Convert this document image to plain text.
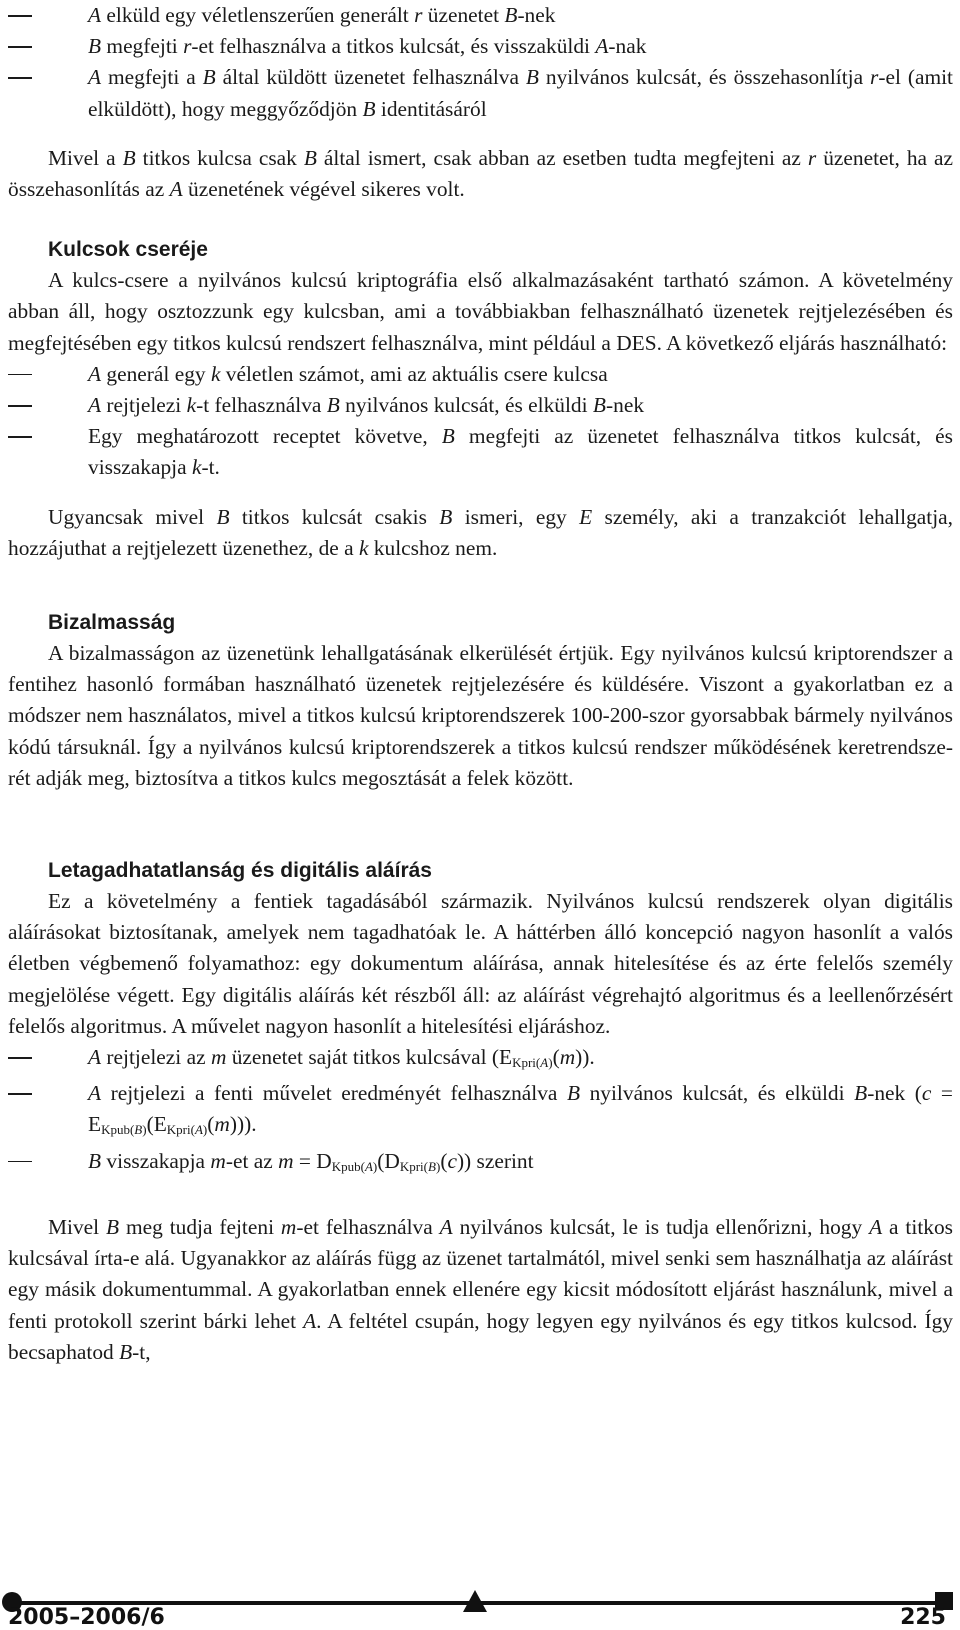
A elküld egy véletlenszerűen generált r üzenetet B-nek
B megfejti r-et felhasználva a titkos kulcsát, és visszaküldi A-nak
A megfejti a B által küldött üzenetet felhasználva B nyilvános kulcsát, és összehasonlítja r-el (amit elküldött), hogy meggyőződjön B identitásáról

Mivel a B titkos kulcsa csak B által ismert, csak abban az esetben tudta megfejteni az r üzenetet, ha az összehasonlítás az A üzenetének végével sikeres volt.

Kulcsok cseréje

A kulcs-csere a nyilvános kulcsú kriptográfia első alkalmazásaként tartható számon. A követelmény abban áll, hogy osztozzunk egy kulcsban, ami a továbbiakban felhasználható üzenetek rejtjelezésében és megfejtésében egy titkos kulcsú rendszert felhasználva, mint például a DES. A következő eljárás használható:

A generál egy k véletlen számot, ami az aktuális csere kulcsa
A rejtjelezi k-t felhasználva B nyilvános kulcsát, és elküldi B-nek
Egy meghatározott receptet követve, B megfejti az üzenetet felhasználva titkos kulcsát, és visszakapja k-t.

Ugyancsak mivel B titkos kulcsát csakis B ismeri, egy E személy, aki a tranzakciót lehallgatja, hozzájuthat a rejtjelezett üzenethez, de a k kulcshoz nem.

Bizalmasság

A bizalmasságon az üzenetünk lehallgatásának elkerülését értjük. Egy nyilvános kulcsú kriptorendszer a fentihez hasonló formában használható üzenetek rejtjelezésére és küldésére. Viszont a gyakorlatban ez a módszer nem használatos, mivel a titkos kulcsú kriptorendszerek 100-200-szor gyorsabbak bármely nyilvános kódú társuknál. Így a nyilvános kulcsú kriptorendszerek a titkos kulcsú rendszer működésének keretrendszerét adják meg, biztosítva a titkos kulcs megosztását a felek között.

Letagadhatatlanság és digitális aláírás

Ez a követelmény a fentiek tagadásából származik. Nyilvános kulcsú rendszerek olyan digitális aláírásokat biztosítanak, amelyek nem tagadhatóak le. A háttérben álló koncepció nagyon hasonlít a valós életben végbemenő folyamathoz: egy dokumentum aláírása, annak hitelesítése és az érte felelős személy megjelölése végett. Egy digitális aláírás két részből áll: az aláírást végrehajtó algoritmus és a leellenőrzésért felelős algoritmus. A művelet nagyon hasonlít a hitelesítési eljáráshoz.

A rejtjelezi az m üzenetet saját titkos kulcsával $(E_{Kpri(A)}(m))$.
A rejtjelezi a fenti művelet eredményét felhasználva B nyilvános kulcsát, és elküldi B-nek $(c = E_{Kpub(B)}(E_{Kpri(A)}(m)))$.
B visszakapja m-et az $m = D_{Kpub(A)}(D_{Kpri(B)}(c))$ szerint

Mivel B meg tudja fejteni m-et felhasználva A nyilvános kulcsát, le is tudja ellenőrizni, hogy A a titkos kulcsával írta-e alá. Ugyanakkor az aláírás függ az üzenet tartalmától, mivel senki sem használhatja az aláírást egy másik dokumentummal. A gyakorlatban ennek ellenére egy kicsit módosított eljárást használunk, mivel a fenti protokoll szerint bárki lehet A. A feltétel csupán, hogy legyen egy nyilvános és egy titkos kulcsod. Így becsaphatod B-t,

2005–2006/6	225
